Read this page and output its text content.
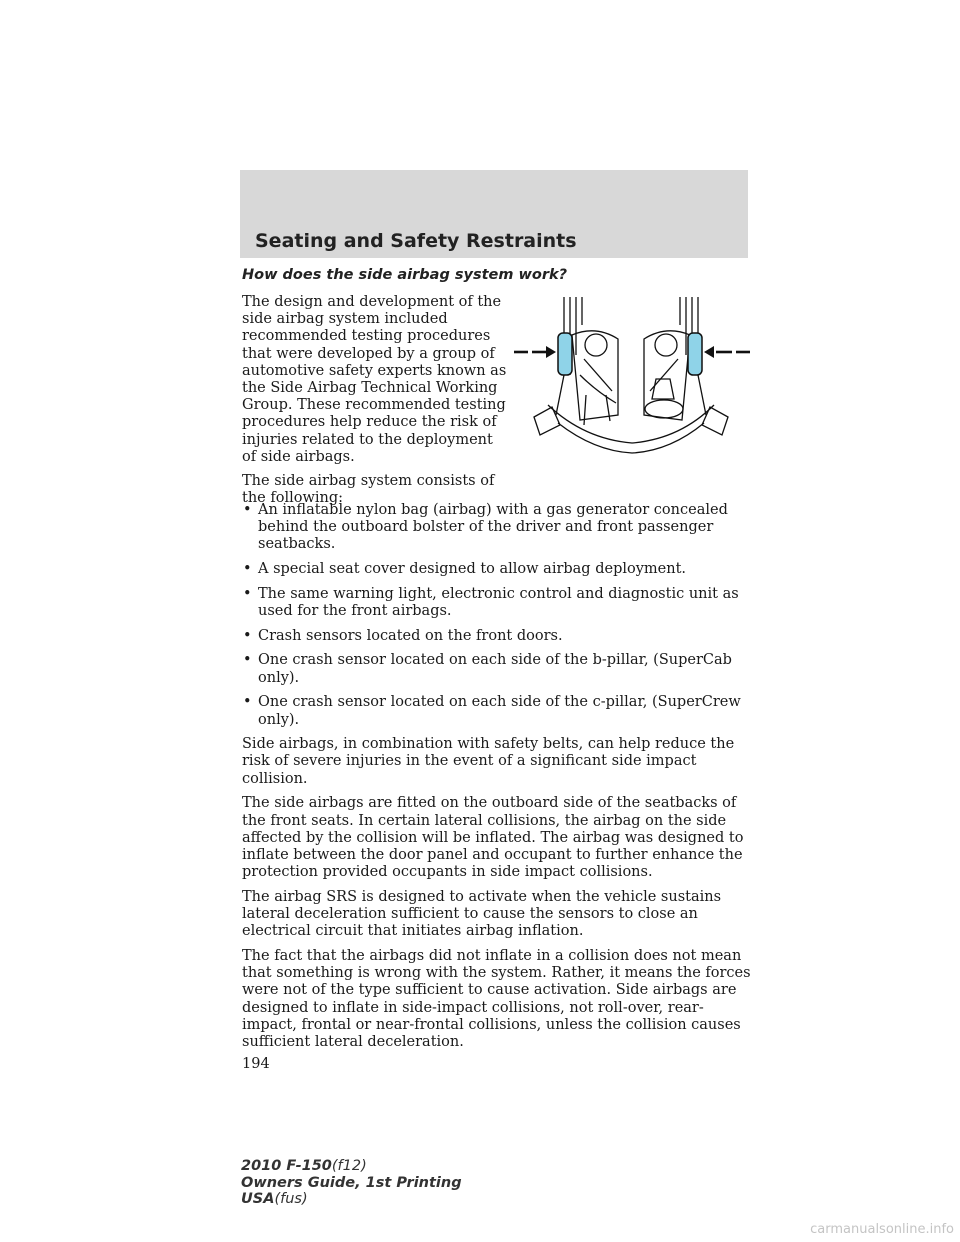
Seating and Safety Restraints
How does the side airbag system work?

The design and development of the side airbag system included recommended testing procedures that were developed by a group of automotive safety experts known as the Side Airbag Technical Working Group. These recommended testing procedures help reduce the risk of injuries related to the deployment of side airbags.

The side airbag system consists of the following:

• An inflatable nylon bag (airbag) with a gas generator concealed behind the outboard bolster of the driver and front passenger seatbacks.
• A special seat cover designed to allow airbag deployment.
• The same warning light, electronic control and diagnostic unit as used for the front airbags.
• Crash sensors located on the front doors.
• One crash sensor located on each side of the b-pillar, (SuperCab only).
• One crash sensor located on each side of the c-pillar, (SuperCrew only).

Side airbags, in combination with safety belts, can help reduce the risk of severe injuries in the event of a significant side impact collision.

The side airbags are fitted on the outboard side of the seatbacks of the front seats. In certain lateral collisions, the airbag on the side affected by the collision will be inflated. The airbag was designed to inflate between the door panel and occupant to further enhance the protection provided occupants in side impact collisions.

The airbag SRS is designed to activate when the vehicle sustains lateral deceleration sufficient to cause the sensors to close an electrical circuit that initiates airbag inflation.

The fact that the airbags did not inflate in a collision does not mean that something is wrong with the system. Rather, it means the forces were not of the type sufficient to cause activation. Side airbags are designed to inflate in side-impact collisions, not roll-over, rear-impact, frontal or near-frontal collisions, unless the collision causes sufficient lateral deceleration.

194
2010 F-150(f12)
Owners Guide, 1st Printing
USA(fus)
carmanualsonline.info
